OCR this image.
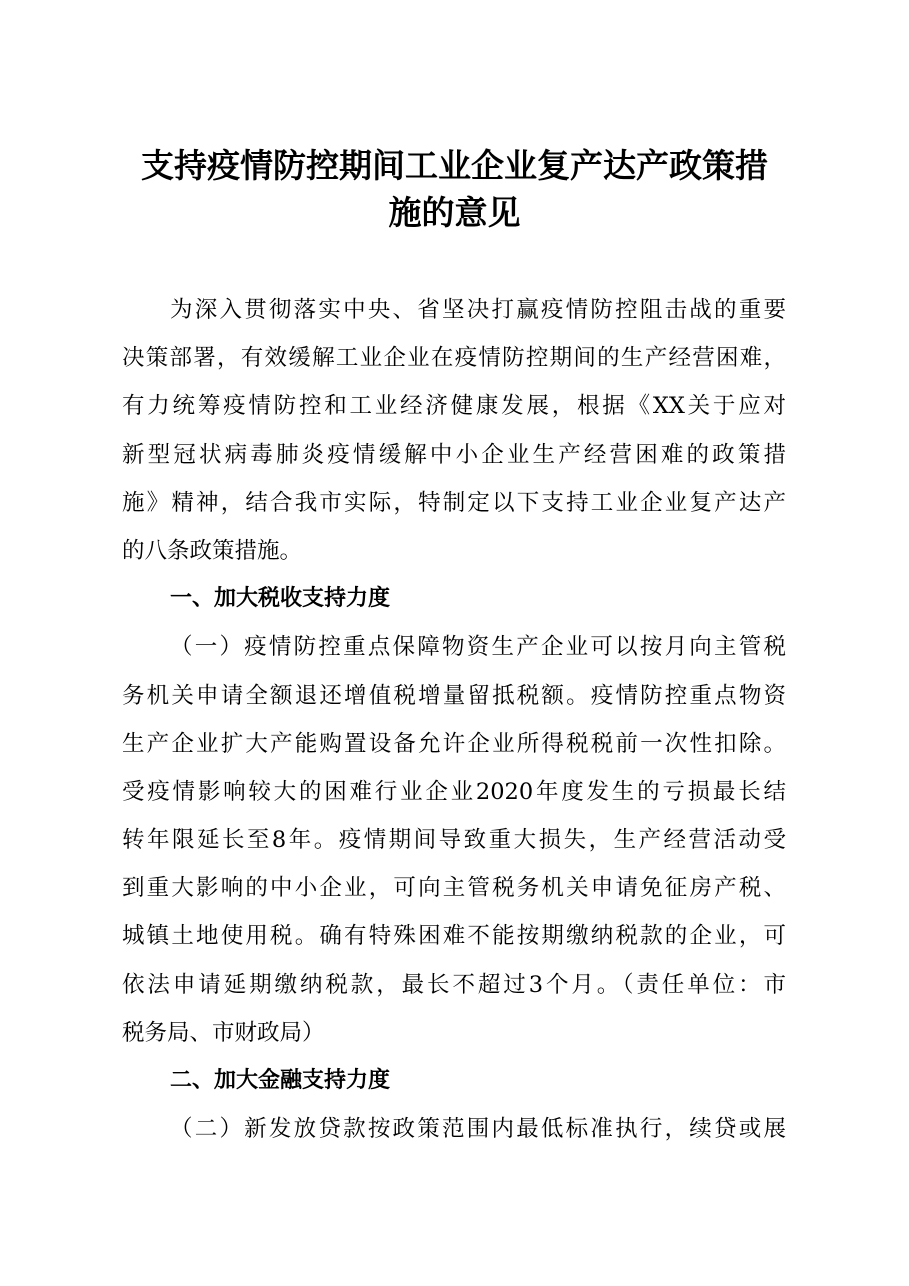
支持疫情防控期间工业企业复产达产政策措
施的意见
为深入贯彻落实中央、省坚决打赢疫情防控阻击战的重要
决策部署，有效缓解工业企业在疫情防控期间的生产经营困难，
有力统筹疫情防控和工业经济健康发展，根据《XX关于应对
新型冠状病毒肺炎疫情缓解中小企业生产经营困难的政策措
施》精神，结合我市实际，特制定以下支持工业企业复产达产
的八条政策措施。
一、加大税收支持力度
（一）疫情防控重点保障物资生产企业可以按月向主管税
务机关申请全额退还增值税增量留抵税额。疫情防控重点物资
生产企业扩大产能购置设备允许企业所得税税前一次性扣除。
受疫情影响较大的困难行业企业2020年度发生的亏损最长结
转年限延长至8年。疫情期间导致重大损失，生产经营活动受
到重大影响的中小企业，可向主管税务机关申请免征房产税、
城镇土地使用税。确有特殊困难不能按期缴纳税款的企业，可
依法申请延期缴纳税款，最长不超过3个月。（责任单位：市
税务局、市财政局）
二、加大金融支持力度
（二）新发放贷款按政策范围内最低标准执行，续贷或展
